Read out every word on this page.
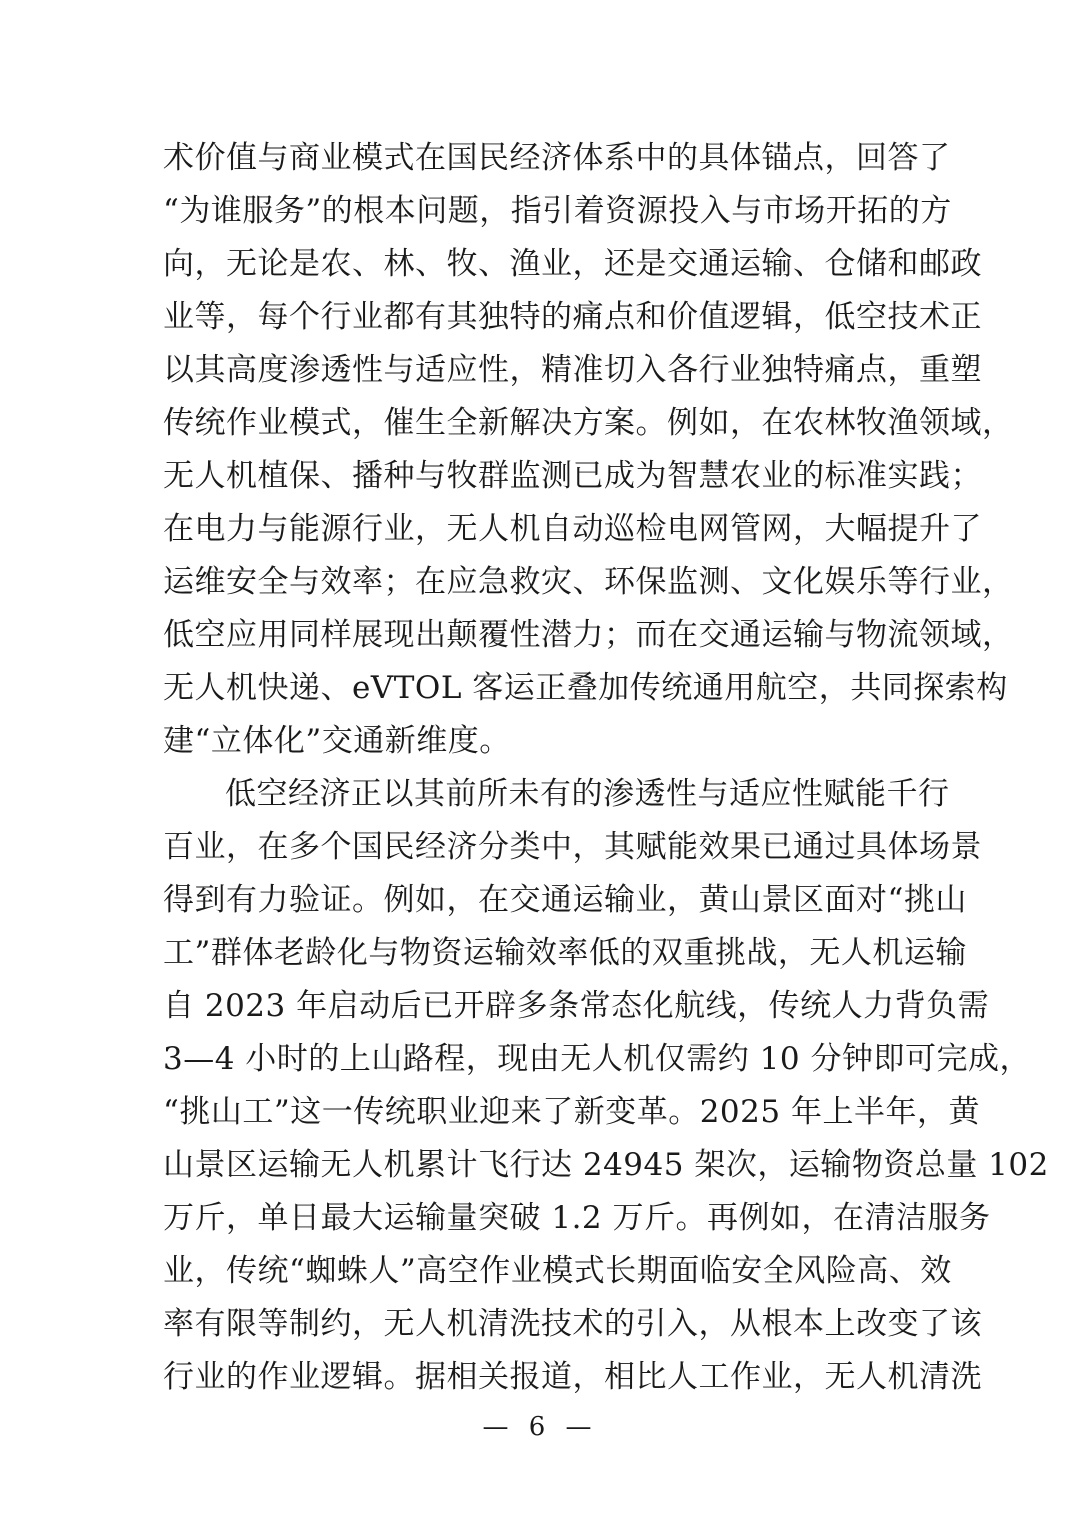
术价值与商业模式在国民经济体系中的具体锚点，回答了
“为谁服务”的根本问题，指引着资源投入与市场开拓的方
向，无论是农、林、牧、渔业，还是交通运输、仓储和邮政
业等，每个行业都有其独特的痛点和价值逻辑，低空技术正
以其高度渗透性与适应性，精准切入各行业独特痛点，重塑
传统作业模式，催生全新解决方案。例如，在农林牧渔领域，
无人机植保、播种与牧群监测已成为智慧农业的标准实践；
在电力与能源行业，无人机自动巡检电网管网，大幅提升了
运维安全与效率；在应急救灾、环保监测、文化娱乐等行业，
低空应用同样展现出颠覆性潜力；而在交通运输与物流领域，
无人机快递、eVTOL 客运正叠加传统通用航空，共同探索构
建“立体化”交通新维度。
低空经济正以其前所未有的渗透性与适应性赋能千行
百业，在多个国民经济分类中，其赋能效果已通过具体场景
得到有力验证。例如，在交通运输业，黄山景区面对“挑山
工”群体老龄化与物资运输效率低的双重挑战，无人机运输
自 2023 年启动后已开辟多条常态化航线，传统人力背负需
3—4 小时的上山路程，现由无人机仅需约 10 分钟即可完成，
“挑山工”这一传统职业迎来了新变革。2025 年上半年，黄
山景区运输无人机累计飞行达 24945 架次，运输物资总量 102
万斤，单日最大运输量突破 1.2 万斤。再例如，在清洁服务
业，传统“蜘蛛人”高空作业模式长期面临安全风险高、效
率有限等制约，无人机清洗技术的引入，从根本上改变了该
行业的作业逻辑。据相关报道，相比人工作业，无人机清洗
— 6 —
